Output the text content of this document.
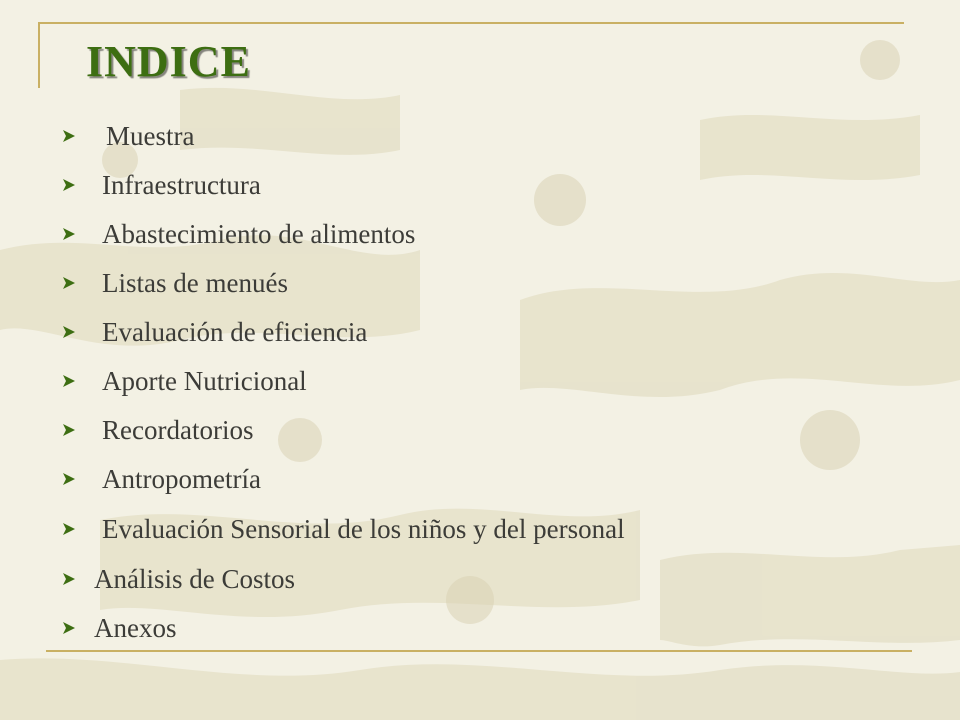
INDICE
Muestra
Infraestructura
Abastecimiento de alimentos
Listas de menués
Evaluación de eficiencia
Aporte Nutricional
Recordatorios
Antropometría
Evaluación Sensorial de los niños y del personal
Análisis de Costos
Anexos
